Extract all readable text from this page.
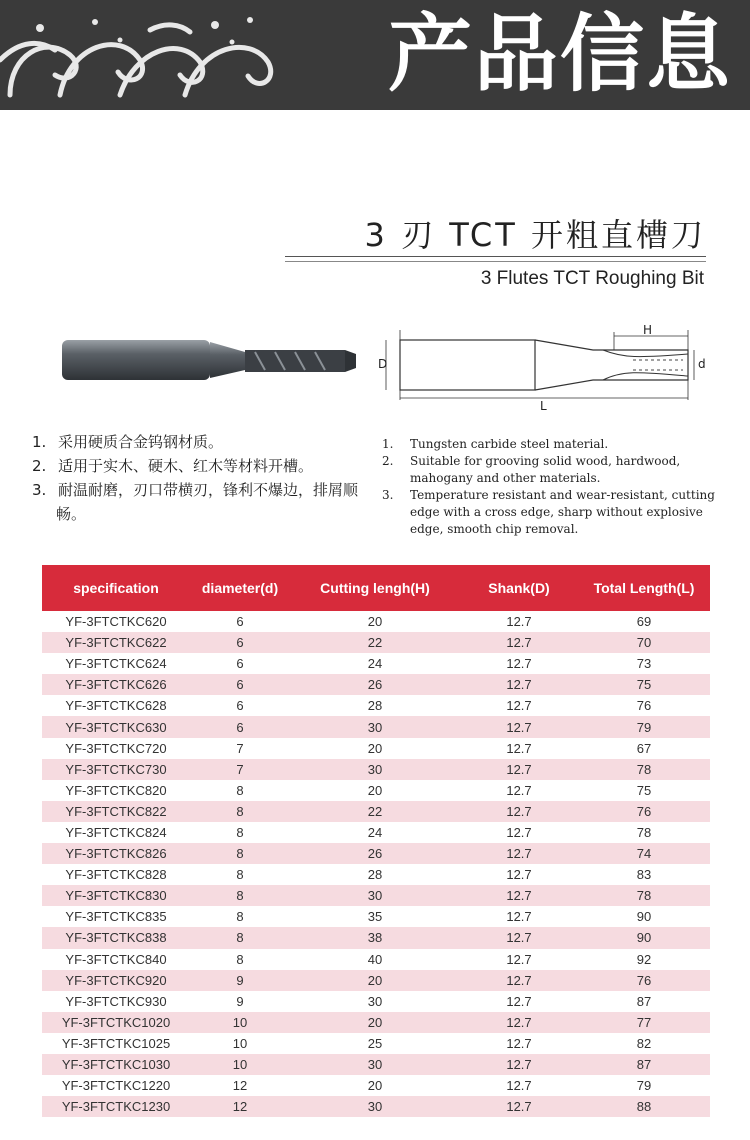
产品信息
3 刃 TCT 开粗直槽刀
3 Flutes TCT Roughing Bit
H
D	d
L
1. 采用硬质合金钨钢材质。
2. 适用于实木、硬木、红木等材料开槽。
3. 耐温耐磨，刃口带横刃，锋利不爆边，排屑顺畅。
1. Tungsten carbide steel material.
2. Suitable for grooving solid wood, hardwood, mahogany and other materials.
3. Temperature resistant and wear-resistant, cutting edge with a cross edge, sharp without explosive edge, smooth chip removal.
specification	diameter(d)	Cutting lengh(H)	Shank(D)	Total Length(L)
YF-3FTCTKC620	6	20	12.7	69
YF-3FTCTKC622	6	22	12.7	70
YF-3FTCTKC624	6	24	12.7	73
YF-3FTCTKC626	6	26	12.7	75
YF-3FTCTKC628	6	28	12.7	76
YF-3FTCTKC630	6	30	12.7	79
YF-3FTCTKC720	7	20	12.7	67
YF-3FTCTKC730	7	30	12.7	78
YF-3FTCTKC820	8	20	12.7	75
YF-3FTCTKC822	8	22	12.7	76
YF-3FTCTKC824	8	24	12.7	78
YF-3FTCTKC826	8	26	12.7	74
YF-3FTCTKC828	8	28	12.7	83
YF-3FTCTKC830	8	30	12.7	78
YF-3FTCTKC835	8	35	12.7	90
YF-3FTCTKC838	8	38	12.7	90
YF-3FTCTKC840	8	40	12.7	92
YF-3FTCTKC920	9	20	12.7	76
YF-3FTCTKC930	9	30	12.7	87
YF-3FTCTKC1020	10	20	12.7	77
YF-3FTCTKC1025	10	25	12.7	82
YF-3FTCTKC1030	10	30	12.7	87
YF-3FTCTKC1220	12	20	12.7	79
YF-3FTCTKC1230	12	30	12.7	88
